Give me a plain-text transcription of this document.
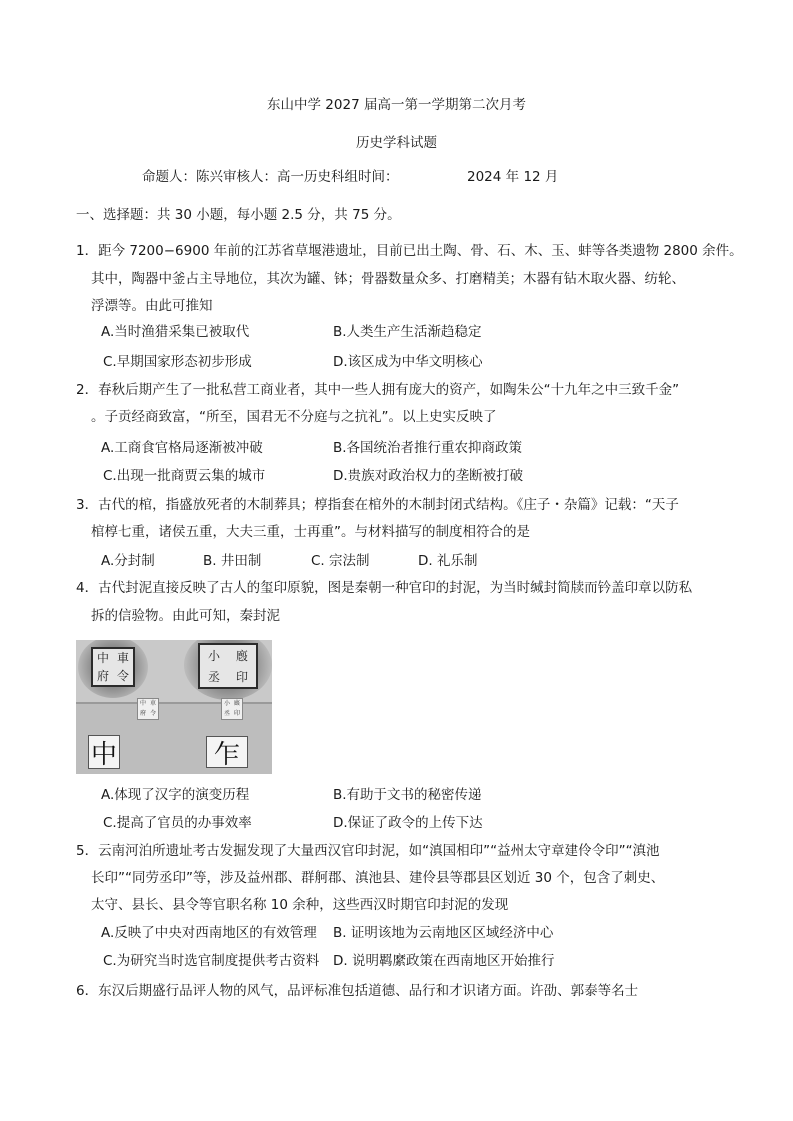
东山中学 2027 届高一第一学期第二次月考
历史学科试题
命题人：陈兴审核人：高一历史科组时间：	2024 年 12 月
一、选择题：共 30 小题，每小题 2.5 分，共 75 分。
1．距今 7200−6900 年前的江苏省草堰港遗址，目前已出土陶、骨、石、木、玉、蚌等各类遗物 2800 余件。
其中，陶器中釜占主导地位，其次为罐、钵；骨器数量众多、打磨精美；木器有钻木取火器、纺轮、
浮漂等。由此可推知
A.当时渔猎采集已被取代	B.人类生产生活渐趋稳定
C.早期国家形态初步形成	D.该区成为中华文明核心
2．春秋后期产生了一批私营工商业者，其中一些人拥有庞大的资产，如陶朱公“十九年之中三致千金”
。子贡经商致富，“所至，国君无不分庭与之抗礼”。以上史实反映了
A.工商食官格局逐渐被冲破	B.各国统治者推行重农抑商政策
C.出现一批商贾云集的城市	D.贵族对政治权力的垄断被打破
3．古代的棺，指盛放死者的木制葬具；椁指套在棺外的木制封闭式结构。《庄子・杂篇》记载：“天子
棺椁七重，诸侯五重，大夫三重，士再重”。与材料描写的制度相符合的是
A.分封制	B. 井田制	C. 宗法制	D. 礼乐制
4．古代封泥直接反映了古人的玺印原貌，图是秦朝一种官印的封泥，为当时缄封简牍而钤盖印章以防私
拆的信验物。由此可知，秦封泥
中 車
府 令
小	廏
丞	印
中 車
府 令
小 廏
丞 印
中	乍
A.体现了汉字的演变历程	B.有助于文书的秘密传递
C.提高了官员的办事效率	D.保证了政令的上传下达
5．云南河泊所遗址考古发掘发现了大量西汉官印封泥，如“滇国相印”“益州太守章建伶令印”“滇池
长印”“同劳丞印”等，涉及益州郡、群舸郡、滇池县、建伶县等郡县区划近 30 个，包含了刺史、
太守、县长、县令等官职名称 10 余种，这些西汉时期官印封泥的发现
A.反映了中央对西南地区的有效管理 B. 证明该地为云南地区区域经济中心
C.为研究当时选官制度提供考古资料 D. 说明羁縻政策在西南地区开始推行
6．东汉后期盛行品评人物的风气，品评标准包括道德、品行和才识诸方面。许劭、郭泰等名士
